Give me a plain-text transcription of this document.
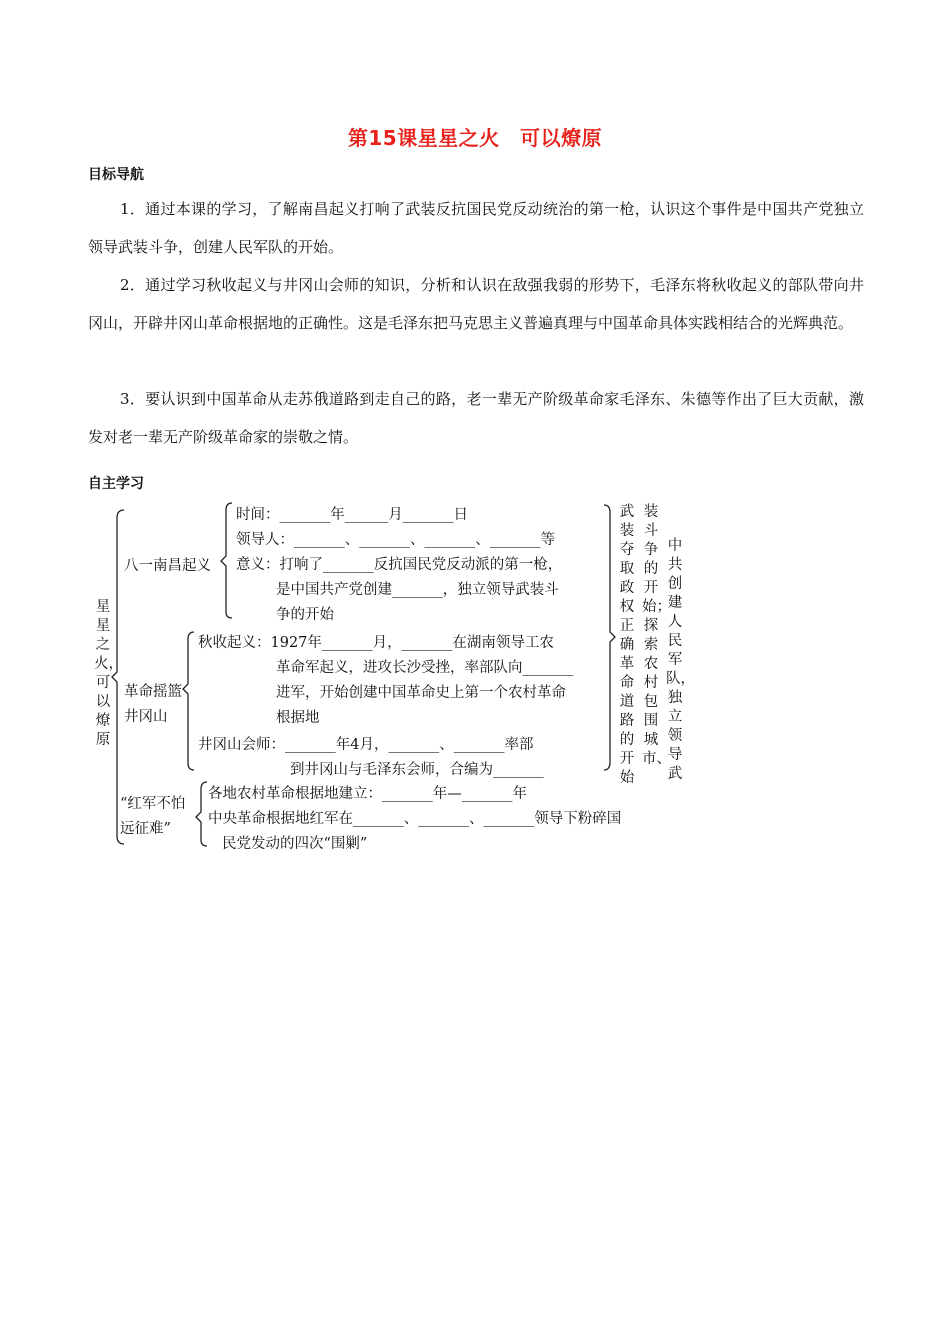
第15课星星之火　可以燎原
目标导航
1．通过本课的学习，了解南昌起义打响了武装反抗国民党反动统治的第一枪，认识这个事件是中国共产党独立领导武装斗争，创建人民军队的开始。
2．通过学习秋收起义与井冈山会师的知识，分析和认识在敌强我弱的形势下，毛泽东将秋收起义的部队带向井冈山，开辟井冈山革命根据地的正确性。这是毛泽东把马克思主义普遍真理与中国革命具体实践相结合的光辉典范。
3．要认识到中国革命从走苏俄道路到走自己的路，老一辈无产阶级革命家毛泽东、朱德等作出了巨大贡献，激发对老一辈无产阶级革命家的崇敬之情。
自主学习
星星之火，可以燎原
八一南昌起义
时间：_______年______月_______日
领导人：_______、_______、_______、_______等
意义：打响了_______反抗国民党反动派的第一枪，
是中国共产党创建_______，独立领导武装斗
争的开始
革命摇篮
井冈山
秋收起义：1927年_______月，_______在湖南领导工农
革命军起义，进攻长沙受挫，率部队向_______
进军，开始创建中国革命史上第一个农村革命
根据地
井冈山会师：_______年4月，_______、_______率部
到井冈山与毛泽东会师，合编为_______
“红军不怕
远征难”
各地农村革命根据地建立：_______年—_______年
中央革命根据地红军在_______、_______、_______领导下粉碎国
民党发动的四次“围剿”
武装夺取政权正确革命道路的开始
装斗争的开始；探索农村包围城市、
中共创建人民军队，独立领导武
